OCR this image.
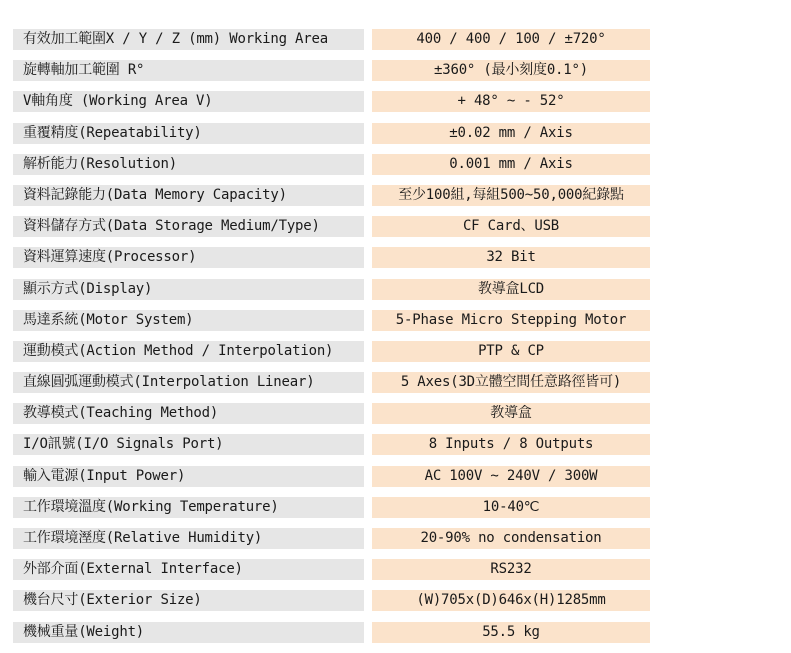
有效加工範圍X / Y / Z (mm) Working Area	400 / 400 / 100 / ±720°
旋轉軸加工範圍 R°	±360° (最小刻度0.1°)
V軸角度 (Working Area V)	+ 48° ~ - 52°
重覆精度(Repeatability)	±0.02 mm / Axis
解析能力(Resolution)	0.001 mm / Axis
資料記錄能力(Data Memory Capacity)	至少100組,每組500~50,000紀錄點
資料儲存方式(Data Storage Medium/Type)	CF Card、USB
資料運算速度(Processor)	32 Bit
顯示方式(Display)	教導盒LCD
馬達系統(Motor System)	5-Phase Micro Stepping Motor
運動模式(Action Method / Interpolation)	PTP & CP
直線圓弧運動模式(Interpolation Linear)	5 Axes(3D立體空間任意路徑皆可)
教導模式(Teaching Method)	教導盒
I/O訊號(I/O Signals Port)	8 Inputs / 8 Outputs
輸入電源(Input Power)	AC 100V ~ 240V / 300W
工作環境溫度(Working Temperature)	10-40℃
工作環境溼度(Relative Humidity)	20-90% no condensation
外部介面(External Interface)	RS232
機台尺寸(Exterior Size)	(W)705x(D)646x(H)1285mm
機械重量(Weight)	55.5 kg
